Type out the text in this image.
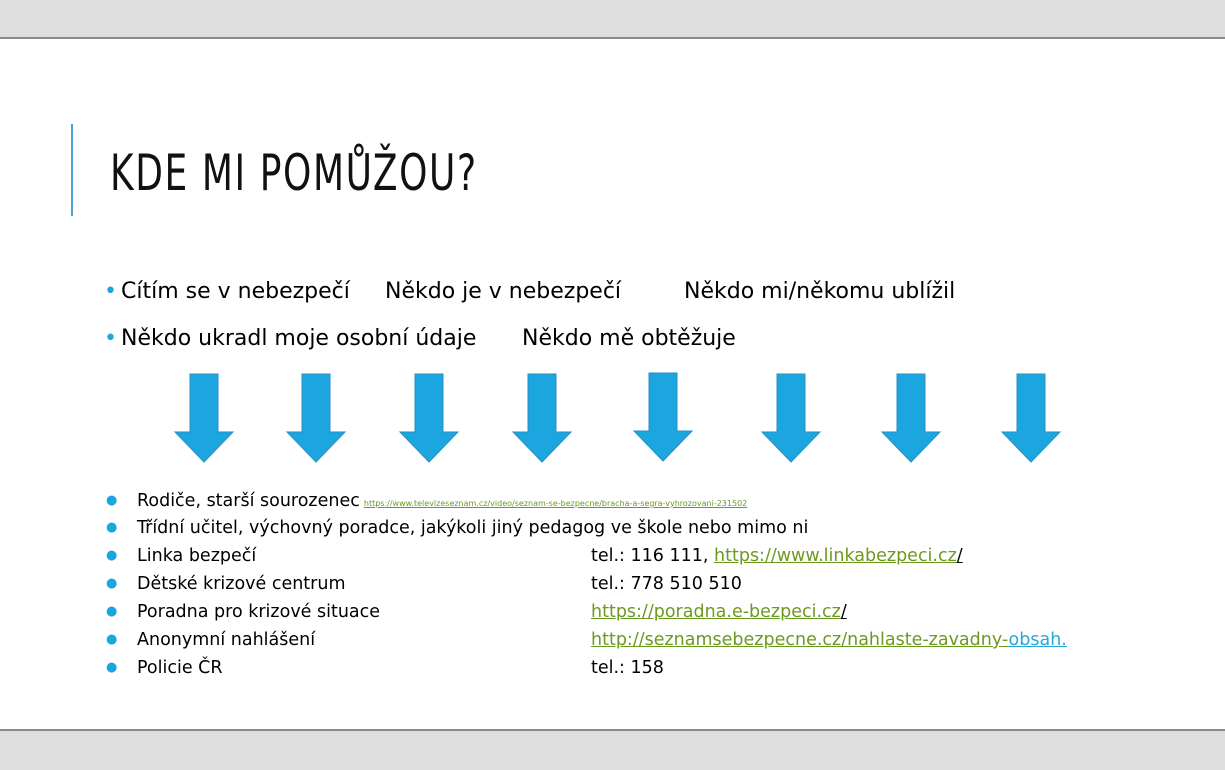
KDE MI POMŮŽOU?
• Cítím se v nebezpečí Někdo je v nebezpečí	Někdo mi/někomu ublížil
• Někdo ukradl moje osobní údaje Někdo mě obtěžuje
● Rodiče, starší sourozenec https://www.televizeseznam.cz/video/seznam-se-bezpecne/bracha-a-segra-vyhrozovani-231502
● Třídní učitel, výchovný poradce, jakýkoli jiný pedagog ve škole nebo mimo ni
● Linka bezpečí	tel.: 116 111, https://www.linkabezpeci.cz/
● Dětské krizové centrum	tel.: 778 510 510
● Poradna pro krizové situace	https://poradna.e-bezpeci.cz/
● Anonymní nahlášení	http://seznamsebezpecne.cz/nahlaste-zavadny-obsah.
● Policie ČR	tel.: 158
